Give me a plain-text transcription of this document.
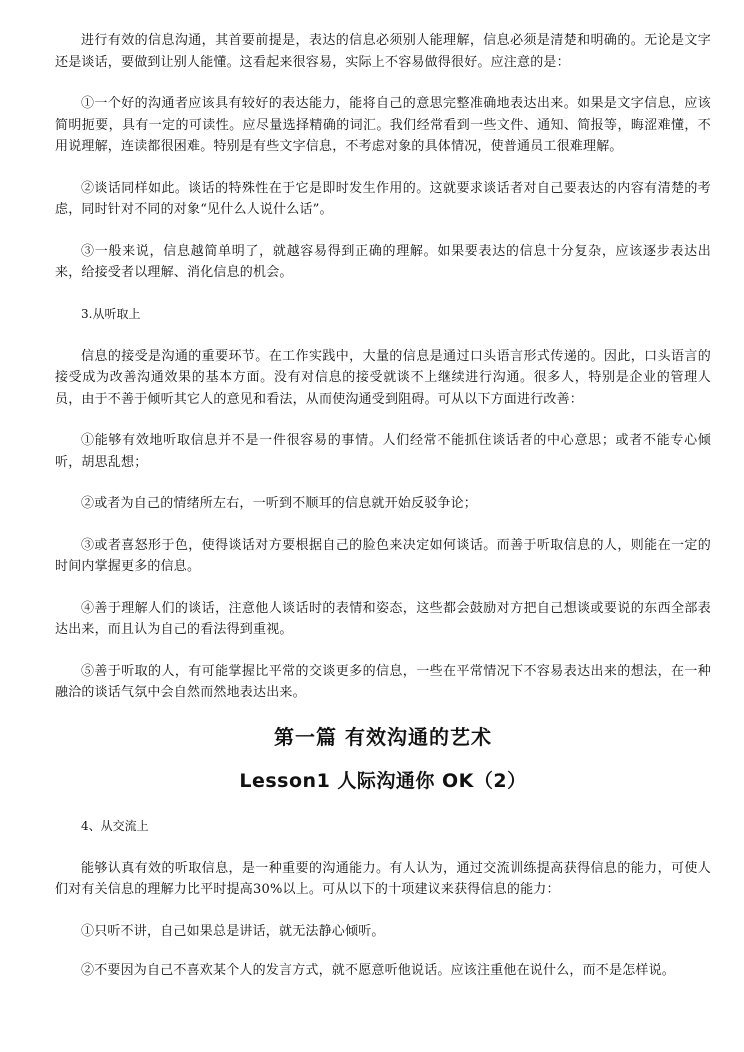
进行有效的信息沟通，其首要前提是，表达的信息必须别人能理解，信息必须是清楚和明确的。无论是文字还是谈话，要做到让别人能懂。这看起来很容易，实际上不容易做得很好。应注意的是：

①一个好的沟通者应该具有较好的表达能力，能将自己的意思完整准确地表达出来。如果是文字信息，应该简明扼要，具有一定的可读性。应尽量选择精确的词汇。我们经常看到一些文件、通知、简报等，晦涩难懂，不用说理解，连读都很困难。特别是有些文字信息，不考虑对象的具体情况，使普通员工很难理解。

②谈话同样如此。谈话的特殊性在于它是即时发生作用的。这就要求谈话者对自己要表达的内容有清楚的考虑，同时针对不同的对象“见什么人说什么话”。

③一般来说，信息越简单明了，就越容易得到正确的理解。如果要表达的信息十分复杂，应该逐步表达出来，给接受者以理解、消化信息的机会。

3.从听取上

信息的接受是沟通的重要环节。在工作实践中，大量的信息是通过口头语言形式传递的。因此，口头语言的接受成为改善沟通效果的基本方面。没有对信息的接受就谈不上继续进行沟通。很多人，特别是企业的管理人员，由于不善于倾听其它人的意见和看法，从而使沟通受到阻碍。可从以下方面进行改善：

①能够有效地听取信息并不是一件很容易的事情。人们经常不能抓住谈话者的中心意思；或者不能专心倾听，胡思乱想；

②或者为自己的情绪所左右，一听到不顺耳的信息就开始反驳争论；

③或者喜怒形于色，使得谈话对方要根据自己的脸色来决定如何谈话。而善于听取信息的人，则能在一定的时间内掌握更多的信息。

④善于理解人们的谈话，注意他人谈话时的表情和姿态，这些都会鼓励对方把自己想谈或要说的东西全部表达出来，而且认为自己的看法得到重视。

⑤善于听取的人，有可能掌握比平常的交谈更多的信息，一些在平常情况下不容易表达出来的想法，在一种融洽的谈话气氛中会自然而然地表达出来。

第一篇 有效沟通的艺术
Lesson1 人际沟通你 OK（2）

4、从交流上

能够认真有效的听取信息，是一种重要的沟通能力。有人认为，通过交流训练提高获得信息的能力，可使人们对有关信息的理解力比平时提高30%以上。可从以下的十项建议来获得信息的能力：

①只听不讲，自己如果总是讲话，就无法静心倾听。

②不要因为自己不喜欢某个人的发言方式，就不愿意听他说话。应该注重他在说什么，而不是怎样说。
